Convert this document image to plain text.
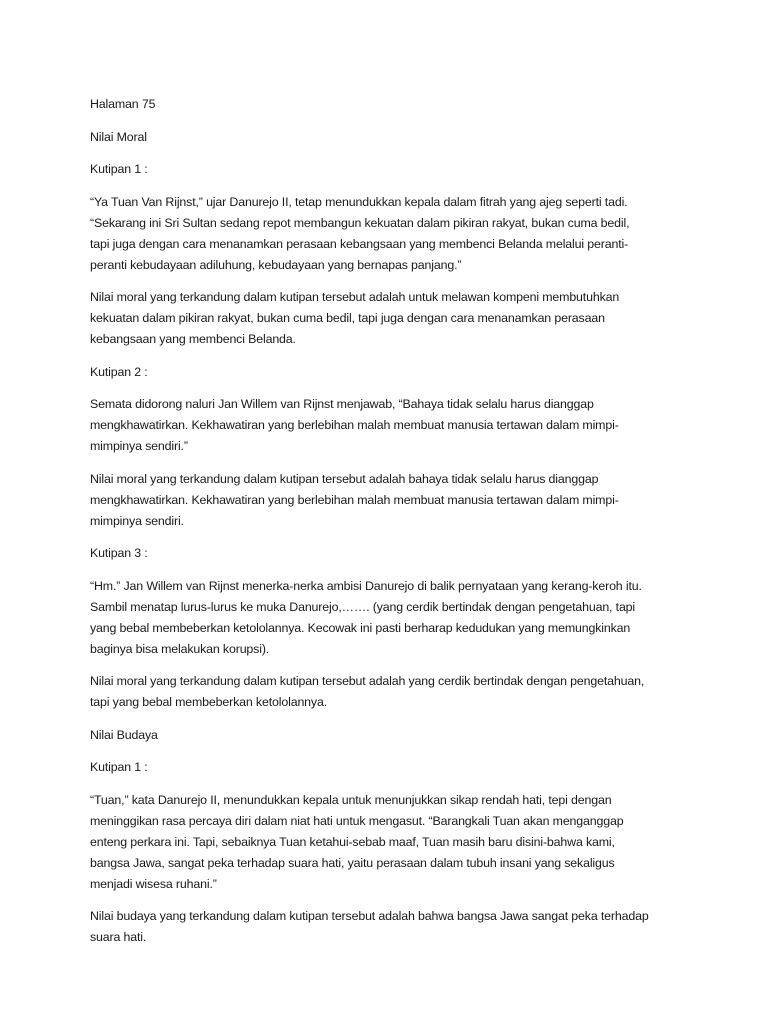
Halaman 75
Nilai Moral
Kutipan 1 :
“Ya Tuan Van Rijnst,” ujar Danurejo II, tetap menundukkan kepala dalam fitrah yang ajeg seperti tadi.
“Sekarang ini Sri Sultan sedang repot membangun kekuatan dalam pikiran rakyat, bukan cuma bedil,
tapi juga dengan cara menanamkan perasaan kebangsaan yang membenci Belanda melalui peranti-
peranti kebudayaan adiluhung, kebudayaan yang bernapas panjang.”
Nilai moral yang terkandung dalam kutipan tersebut adalah untuk melawan kompeni membutuhkan
kekuatan dalam pikiran rakyat, bukan cuma bedil, tapi juga dengan cara menanamkan perasaan
kebangsaan yang membenci Belanda.
Kutipan 2 :
Semata didorong naluri Jan Willem van Rijnst menjawab, “Bahaya tidak selalu harus dianggap
mengkhawatirkan. Kekhawatiran yang berlebihan malah membuat manusia tertawan dalam mimpi-
mimpinya sendiri.”
Nilai moral yang terkandung dalam kutipan tersebut adalah bahaya tidak selalu harus dianggap
mengkhawatirkan. Kekhawatiran yang berlebihan malah membuat manusia tertawan dalam mimpi-
mimpinya sendiri.
Kutipan 3 :
“Hm.” Jan Willem van Rijnst menerka-nerka ambisi Danurejo di balik pernyataan yang kerang-keroh itu.
Sambil menatap lurus-lurus ke muka Danurejo,……. (yang cerdik bertindak dengan pengetahuan, tapi
yang bebal membeberkan ketololannya. Kecowak ini pasti berharap kedudukan yang memungkinkan
baginya bisa melakukan korupsi).
Nilai moral yang terkandung dalam kutipan tersebut adalah yang cerdik bertindak dengan pengetahuan,
tapi yang bebal membeberkan ketololannya.
Nilai Budaya
Kutipan 1 :
“Tuan,” kata Danurejo II, menundukkan kepala untuk menunjukkan sikap rendah hati, tepi dengan
meninggikan rasa percaya diri dalam niat hati untuk mengasut. “Barangkali Tuan akan menganggap
enteng perkara ini. Tapi, sebaiknya Tuan ketahui-sebab maaf, Tuan masih baru disini-bahwa kami,
bangsa Jawa, sangat peka terhadap suara hati, yaitu perasaan dalam tubuh insani yang sekaligus
menjadi wisesa ruhani.”
Nilai budaya yang terkandung dalam kutipan tersebut adalah bahwa bangsa Jawa sangat peka terhadap
suara hati.
